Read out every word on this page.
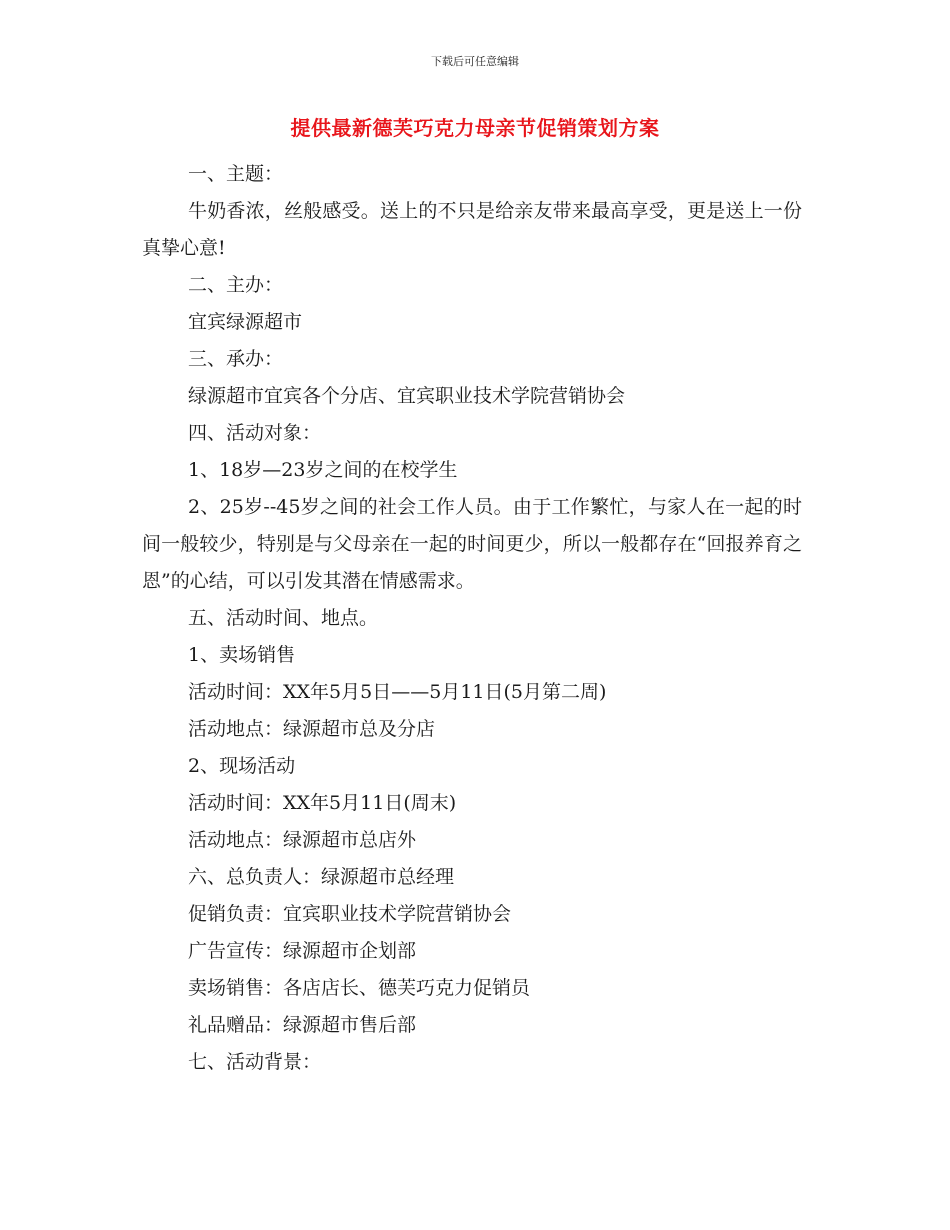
下载后可任意编辑
提供最新德芙巧克力母亲节促销策划方案

一、主题：

牛奶香浓，丝般感受。送上的不只是给亲友带来最高享受，更是送上一份真挚心意!

二、主办：

宜宾绿源超市

三、承办：

绿源超市宜宾各个分店、宜宾职业技术学院营销协会

四、活动对象：

1、18岁—23岁之间的在校学生

2、25岁--45岁之间的社会工作人员。由于工作繁忙，与家人在一起的时间一般较少，特别是与父母亲在一起的时间更少，所以一般都存在“回报养育之恩”的心结，可以引发其潜在情感需求。

五、活动时间、地点。

1、卖场销售

活动时间：XX年5月5日——5月11日(5月第二周)

活动地点：绿源超市总及分店

2、现场活动

活动时间：XX年5月11日(周末)

活动地点：绿源超市总店外

六、总负责人：绿源超市总经理

促销负责：宜宾职业技术学院营销协会

广告宣传：绿源超市企划部

卖场销售：各店店长、德芙巧克力促销员

礼品赠品：绿源超市售后部

七、活动背景：
